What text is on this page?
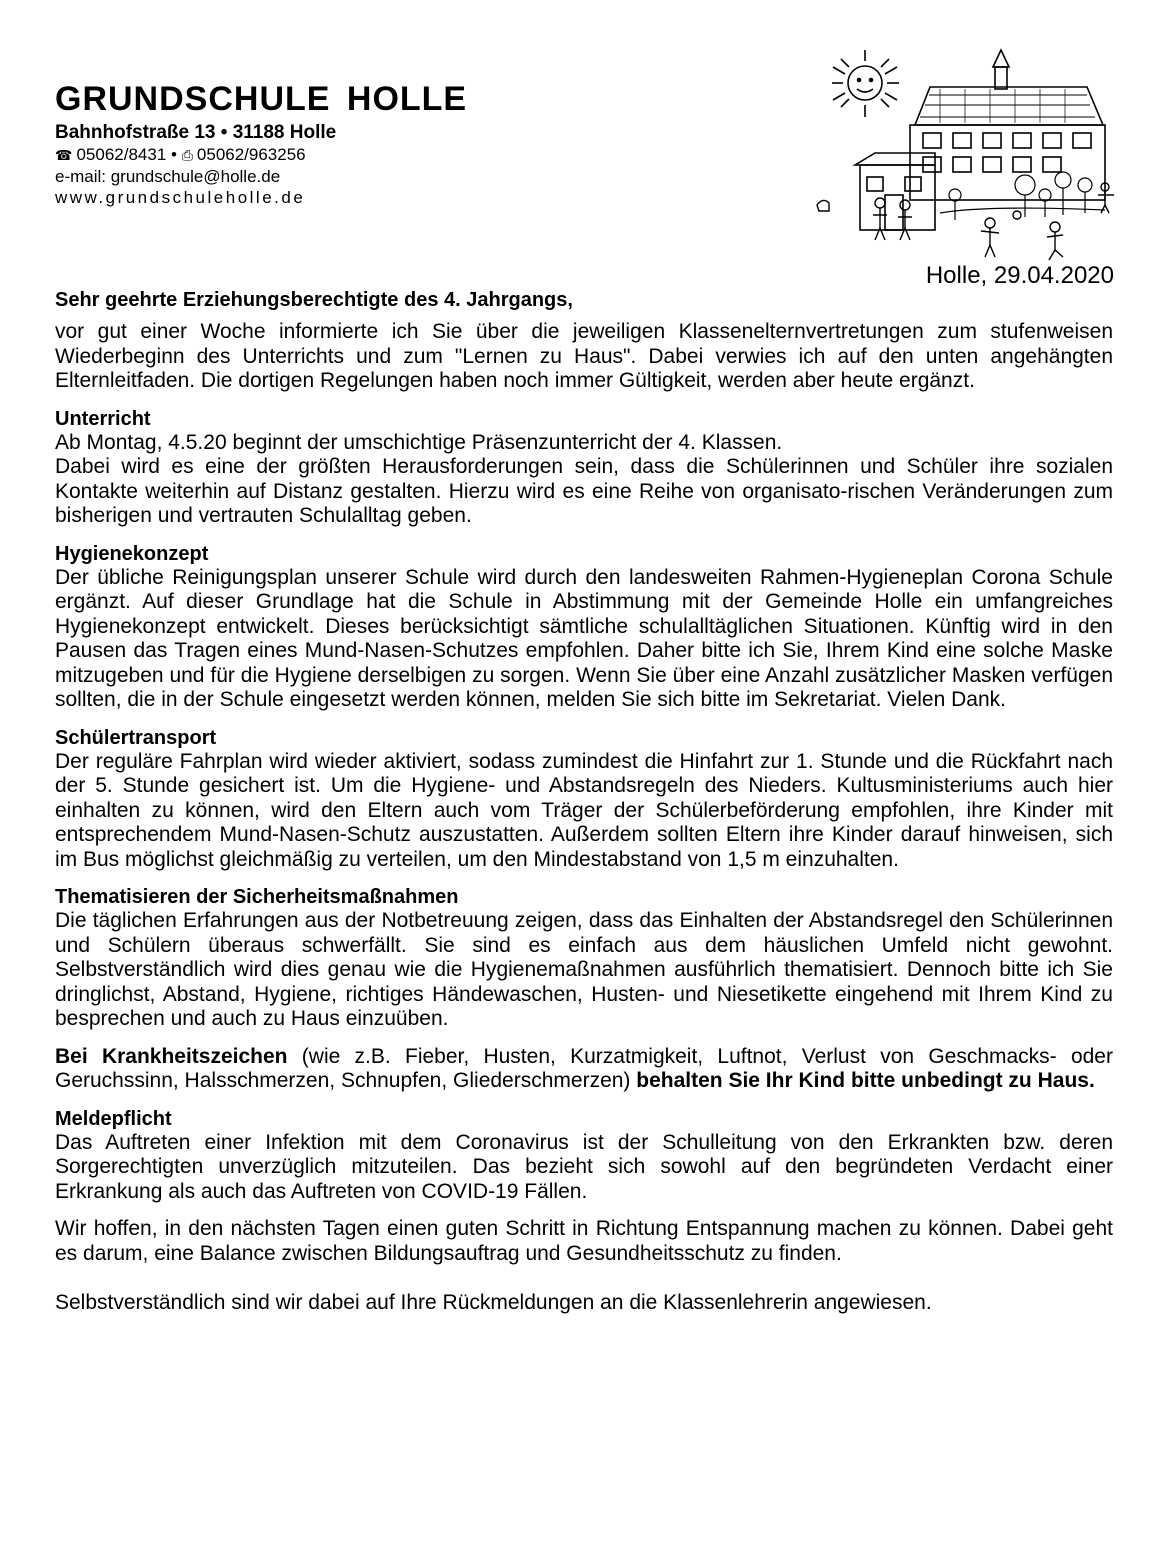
GRUNDSCHULE HOLLE
Bahnhofstraße 13 • 31188 Holle
☎ 05062/8431 • ⎙ 05062/963256
e-mail: grundschule@holle.de
www.grundschuleholle.de
Holle, 29.04.2020
Sehr geehrte Erziehungsberechtigte des 4. Jahrgangs,

vor gut einer Woche informierte ich Sie über die jeweiligen Klassenelternvertretungen zum stufenweisen Wiederbeginn des Unterrichts und zum "Lernen zu Haus". Dabei verwies ich auf den unten angehängten Elternleitfaden. Die dortigen Regelungen haben noch immer Gültigkeit, werden aber heute ergänzt.

Unterricht
Ab Montag, 4.5.20 beginnt der umschichtige Präsenzunterricht der 4. Klassen.
Dabei wird es eine der größten Herausforderungen sein, dass die Schülerinnen und Schüler ihre sozialen Kontakte weiterhin auf Distanz gestalten. Hierzu wird es eine Reihe von organisato-rischen Veränderungen zum bisherigen und vertrauten Schulalltag geben.
Hygienekonzept
Der übliche Reinigungsplan unserer Schule wird durch den landesweiten Rahmen-Hygieneplan Corona Schule ergänzt. Auf dieser Grundlage hat die Schule in Abstimmung mit der Gemeinde Holle ein umfangreiches Hygienekonzept entwickelt. Dieses berücksichtigt sämtliche schulalltäglichen Situationen. Künftig wird in den Pausen das Tragen eines Mund-Nasen-Schutzes empfohlen. Daher bitte ich Sie, Ihrem Kind eine solche Maske mitzugeben und für die Hygiene derselbigen zu sorgen. Wenn Sie über eine Anzahl zusätzlicher Masken verfügen sollten, die in der Schule eingesetzt werden können, melden Sie sich bitte im Sekretariat. Vielen Dank.
Schülertransport
Der reguläre Fahrplan wird wieder aktiviert, sodass zumindest die Hinfahrt zur 1. Stunde und die Rückfahrt nach der 5. Stunde gesichert ist. Um die Hygiene- und Abstandsregeln des Nieders. Kultusministeriums auch hier einhalten zu können, wird den Eltern auch vom Träger der Schülerbeförderung empfohlen, ihre Kinder mit entsprechendem Mund-Nasen-Schutz auszustatten. Außerdem sollten Eltern ihre Kinder darauf hinweisen, sich im Bus möglichst gleichmäßig zu verteilen, um den Mindestabstand von 1,5 m einzuhalten.
Thematisieren der Sicherheitsmaßnahmen
Die täglichen Erfahrungen aus der Notbetreuung zeigen, dass das Einhalten der Abstandsregel den Schülerinnen und Schülern überaus schwerfällt. Sie sind es einfach aus dem häuslichen Umfeld nicht gewohnt. Selbstverständlich wird dies genau wie die Hygienemaßnahmen ausführlich thematisiert. Dennoch bitte ich Sie dringlichst, Abstand, Hygiene, richtiges Händewaschen, Husten- und Niesetikette eingehend mit Ihrem Kind zu besprechen und auch zu Haus einzuüben.

Bei Krankheitszeichen (wie z.B. Fieber, Husten, Kurzatmigkeit, Luftnot, Verlust von Geschmacks- oder Geruchssinn, Halsschmerzen, Schnupfen, Gliederschmerzen) behalten Sie Ihr Kind bitte unbedingt zu Haus.

Meldepflicht
Das Auftreten einer Infektion mit dem Coronavirus ist der Schulleitung von den Erkrankten bzw. deren Sorgerechtigten unverzüglich mitzuteilen. Das bezieht sich sowohl auf den begründeten Verdacht einer Erkrankung als auch das Auftreten von COVID-19 Fällen.

Wir hoffen, in den nächsten Tagen einen guten Schritt in Richtung Entspannung machen zu können. Dabei geht es darum, eine Balance zwischen Bildungsauftrag und Gesundheitsschutz zu finden.

Selbstverständlich sind wir dabei auf Ihre Rückmeldungen an die Klassenlehrerin angewiesen.
